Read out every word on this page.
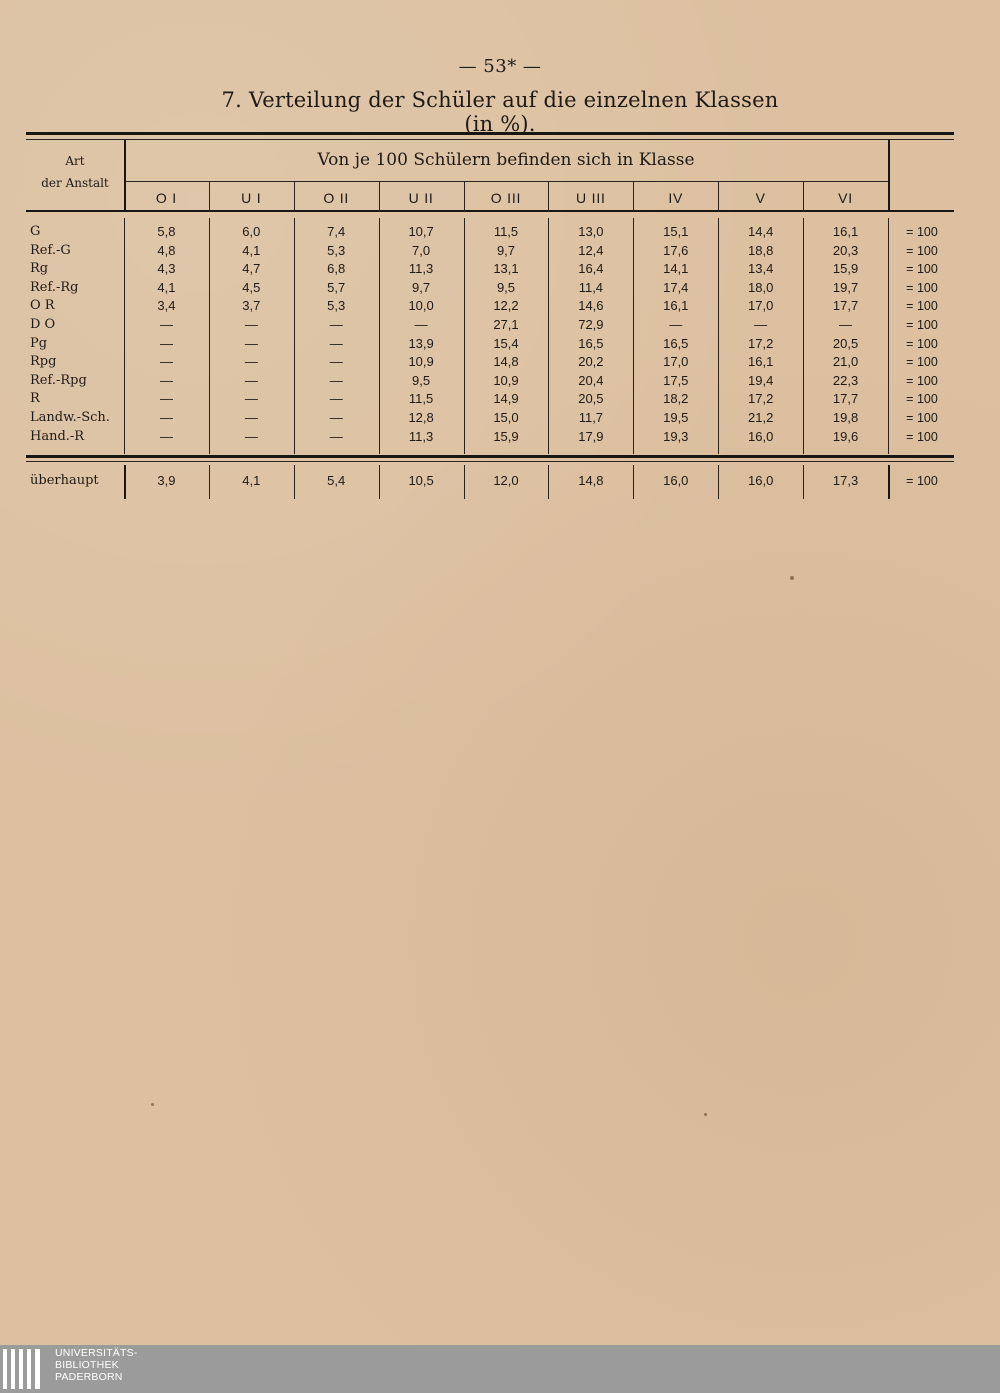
— 53* —
7. Verteilung der Schüler auf die einzelnen Klassen (in %).
Art
der Anstalt
Von je 100 Schülern befinden sich in Klasse
O I	U I	O II	U II	O III	U III	IV	V	VI
G	5,8	6,0	7,4	10,7	11,5	13,0	15,1	14,4	16,1	= 100
Ref.-G	4,8	4,1	5,3	7,0	9,7	12,4	17,6	18,8	20,3	= 100
Rg	4,3	4,7	6,8	11,3	13,1	16,4	14,1	13,4	15,9	= 100
Ref.-Rg	4,1	4,5	5,7	9,7	9,5	11,4	17,4	18,0	19,7	= 100
O R	3,4	3,7	5,3	10,0	12,2	14,6	16,1	17,0	17,7	= 100
D O	—	—	—	—	27,1	72,9	—	—	—	= 100
Pg	—	—	—	13,9	15,4	16,5	16,5	17,2	20,5	= 100
Rpg	—	—	—	10,9	14,8	20,2	17,0	16,1	21,0	= 100
Ref.-Rpg	—	—	—	9,5	10,9	20,4	17,5	19,4	22,3	= 100
R	—	—	—	11,5	14,9	20,5	18,2	17,2	17,7	= 100
Landw.-Sch.	—	—	—	12,8	15,0	11,7	19,5	21,2	19,8	= 100
Hand.-R	—	—	—	11,3	15,9	17,9	19,3	16,0	19,6	= 100
überhaupt	3,9	4,1	5,4	10,5	12,0	14,8	16,0	16,0	17,3	= 100
UNIVERSITÄTS-
BIBLIOTHEK
PADERBORN
